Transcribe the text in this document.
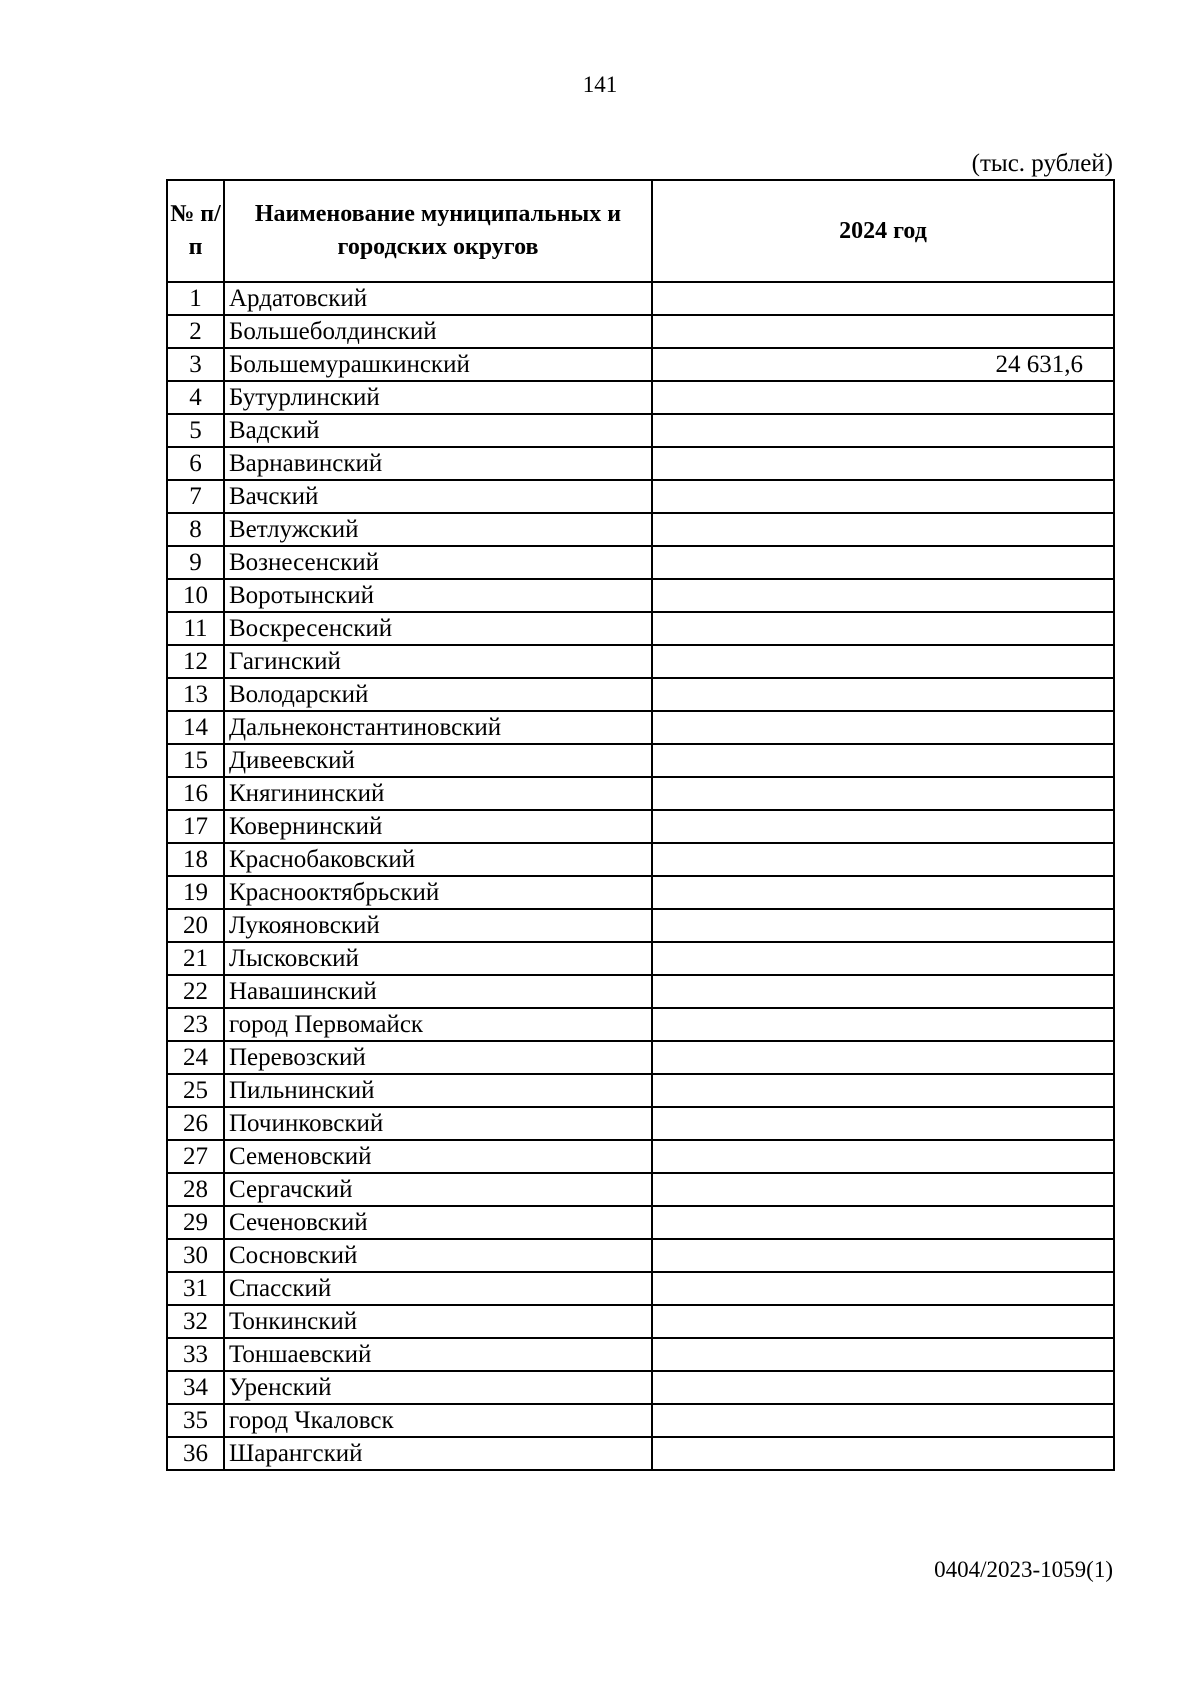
141
(тыс. рублей)
№ п/п	Наименование муниципальных и городских округов	2024 год
1	Ардатовский	
2	Большеболдинский	
3	Большемурашкинский	24 631,6
4	Бутурлинский	
5	Вадский	
6	Варнавинский	
7	Вачский	
8	Ветлужский	
9	Вознесенский	
10	Воротынский	
11	Воскресенский	
12	Гагинский	
13	Володарский	
14	Дальнеконстантиновский	
15	Дивеевский	
16	Княгининский	
17	Ковернинский	
18	Краснобаковский	
19	Краснооктябрьский	
20	Лукояновский	
21	Лысковский	
22	Навашинский	
23	город Первомайск	
24	Перевозский	
25	Пильнинский	
26	Починковский	
27	Семеновский	
28	Сергачский	
29	Сеченовский	
30	Сосновский	
31	Спасский	
32	Тонкинский	
33	Тоншаевский	
34	Уренский	
35	город Чкаловск	
36	Шарангский	
0404/2023-1059(1)
